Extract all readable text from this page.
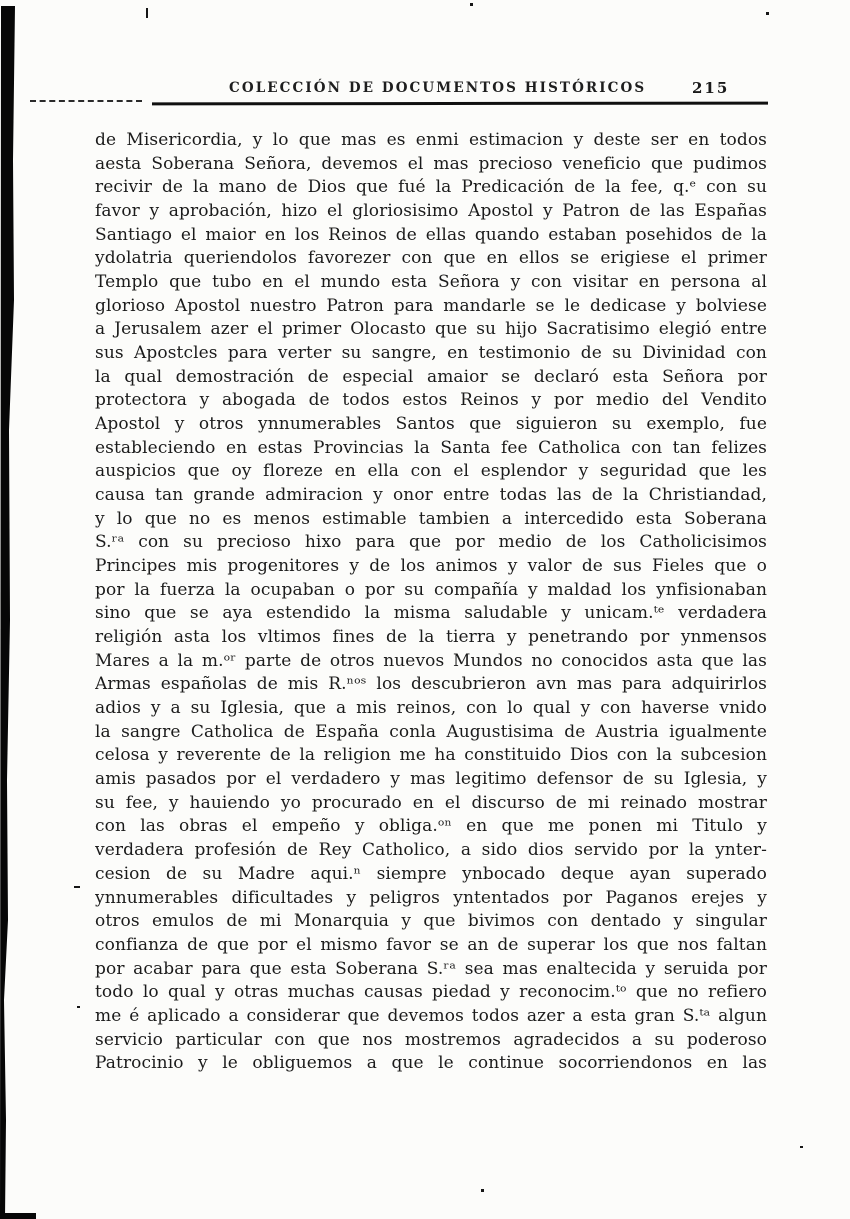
COLECCIÓN DE DOCUMENTOS HISTÓRICOS	215
de Misericordia, y lo que mas es enmi estimacion y deste ser en todos
aesta Soberana Señora, devemos el mas precioso veneficio que pudimos
recivir de la mano de Dios que fué la Predicación de la fee, q.ᵉ con su
favor y aprobación, hizo el gloriosisimo Apostol y Patron de las Españas
Santiago el maior en los Reinos de ellas quando estaban posehidos de la
ydolatria queriendolos favorezer con que en ellos se erigiese el primer
Templo que tubo en el mundo esta Señora y con visitar en persona al
glorioso Apostol nuestro Patron para mandarle se le dedicase y bolviese
a Jerusalem azer el primer Olocasto que su hijo Sacratisimo elegió entre
sus Apostcles para verter su sangre, en testimonio de su Divinidad con
la qual demostración de especial amaior se declaró esta Señora por
protectora y abogada de todos estos Reinos y por medio del Vendito
Apostol y otros ynnumerables Santos que siguieron su exemplo, fue
estableciendo en estas Provincias la Santa fee Catholica con tan felizes
auspicios que oy floreze en ella con el esplendor y seguridad que les
causa tan grande admiracion y onor entre todas las de la Christiandad,
y lo que no es menos estimable tambien a intercedido esta Soberana
S.ʳᵃ con su precioso hixo para que por medio de los Catholicisimos
Principes mis progenitores y de los animos y valor de sus Fieles que o
por la fuerza la ocupaban o por su compañía y maldad los ynfisionaban
sino que se aya estendido la misma saludable y unicam.ᵗᵉ verdadera
religión asta los vltimos fines de la tierra y penetrando por ynmensos
Mares a la m.ᵒʳ parte de otros nuevos Mundos no conocidos asta que las
Armas españolas de mis R.ⁿᵒˢ los descubrieron avn mas para adquirirlos
adios y a su Iglesia, que a mis reinos, con lo qual y con haverse vnido
la sangre Catholica de España conla Augustisima de Austria igualmente
celosa y reverente de la religion me ha constituido Dios con la subcesion
amis pasados por el verdadero y mas legitimo defensor de su Iglesia, y
su fee, y hauiendo yo procurado en el discurso de mi reinado mostrar
con las obras el empeño y obliga.ᵒⁿ en que me ponen mi Titulo y
verdadera profesión de Rey Catholico, a sido dios servido por la ynter-
cesion de su Madre aqui.ⁿ siempre ynbocado deque ayan superado
ynnumerables dificultades y peligros yntentados por Paganos erejes y
otros emulos de mi Monarquia y que bivimos con dentado y singular
confianza de que por el mismo favor se an de superar los que nos faltan
por acabar para que esta Soberana S.ʳᵃ sea mas enaltecida y seruida por
todo lo qual y otras muchas causas piedad y reconocim.ᵗᵒ que no refiero
me é aplicado a considerar que devemos todos azer a esta gran S.ᵗᵃ algun
servicio particular con que nos mostremos agradecidos a su poderoso
Patrocinio y le obliguemos a que le continue socorriendonos en las
